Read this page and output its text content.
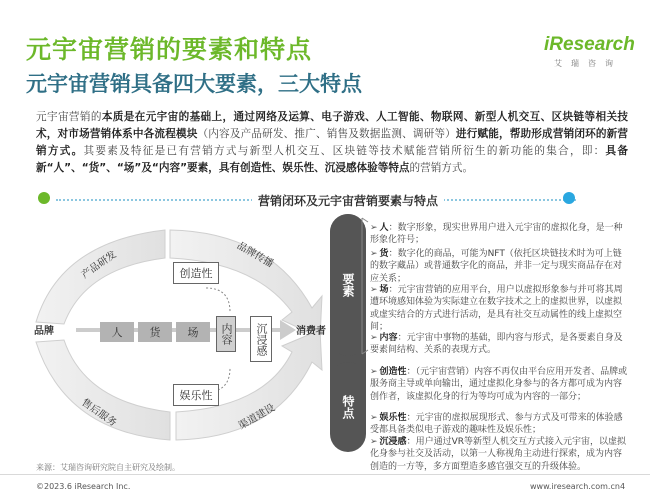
元宇宙营销的要素和特点
元宇宙营销具备四大要素，三大特点
iResearch
艾瑞咨询
元宇宙营销的本质是在元宇宙的基础上，通过网络及运算、电子游戏、人工智能、物联网、新型人机交互、区块链等相关技术，对市场营销体系中各流程模块（内容及产品研发、推广、销售及数据监测、调研等）进行赋能，帮助形成营销闭环的新营销方式。其要素及特征是已有营销方式与新型人机交互、区块链等技术赋能营销所衍生的新功能的集合，即：具备新“人”、“货”、“场”及“内容”要素，具有创造性、娱乐性、沉浸感体验等特点的营销方式。
营销闭环及元宇宙营销要素与特点
品牌	消费者
产品研发	品牌传播
售后服务	渠道建设
创造性
娱乐性
人	货	场	内容	沉浸感
要素
特点
➢ 人：数字形象，现实世界用户进入元宇宙的虚拟化身，是一种形象化符号；
➢ 货：数字化的商品，可能为NFT（依托区块链技术时为可上链的数字藏品）或普通数字化的商品，并非一定与现实商品存在对应关系；
➢ 场：元宇宙营销的应用平台，用户以虚拟形象参与并可将其周遭环境感知体验为实际建立在数字技术之上的虚拟世界，以虚拟或虚实结合的方式进行活动，是具有社交互动属性的线上虚拟空间；
➢ 内容：元宇宙中事物的基础，即内容与形式，是各要素自身及要素间结构、关系的表现方式。
➢ 创造性：（元宇宙营销）内容不再仅由平台应用开发者、品牌或服务商主导或单向输出，通过虚拟化身参与的各方都可成为内容创作者，该虚拟化身的行为等均可成为内容的一部分；
➢ 娱乐性：元宇宙的虚拟展现形式、参与方式及可带来的体验感受都具备类似电子游戏的趣味性及娱乐性；
➢ 沉浸感：用户通过VR等新型人机交互方式接入元宇宙，以虚拟化身参与社交及活动，以第一人称视角主动进行探索，成为内容创造的一方等，多方面塑造多感官强交互的升级体验。
来源：艾瑞咨询研究院自主研究及绘制。
©2023.6 iResearch Inc.	www.iresearch.com.cn 4
